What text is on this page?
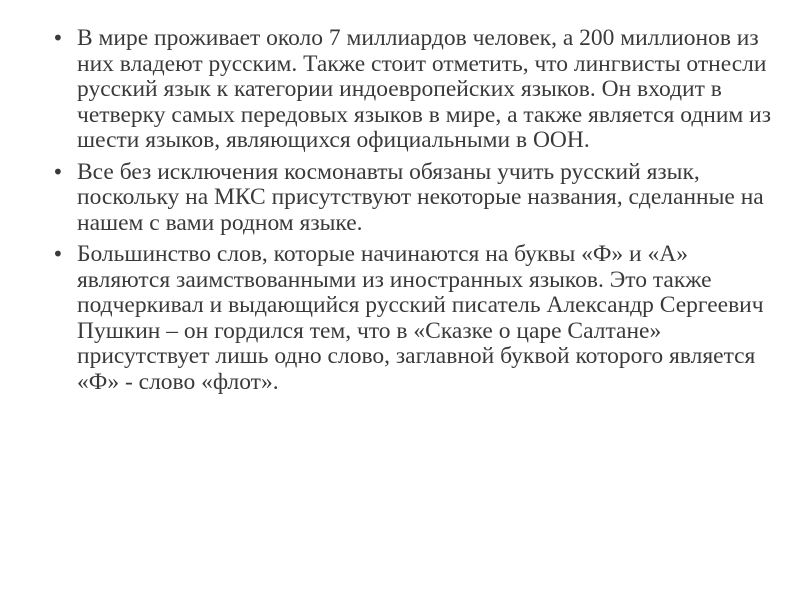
• В мире проживает около 7 миллиардов человек, а 200 миллионов из них владеют русским. Также стоит отметить, что лингвисты отнесли русский язык к категории индоевропейских языков. Он входит в четверку самых передовых языков в мире, а также является одним из шести языков, являющихся официальными в ООН.
• Все без исключения космонавты обязаны учить русский язык, поскольку на МКС присутствуют некоторые названия, сделанные на нашем с вами родном языке.
• Большинство слов, которые начинаются на буквы «Ф» и «А» являются заимствованными из иностранных языков. Это также подчеркивал и выдающийся русский писатель Александр Сергеевич Пушкин – он гордился тем, что в «Сказке о царе Салтане» присутствует лишь одно слово, заглавной буквой которого является «Ф» - слово «флот».
